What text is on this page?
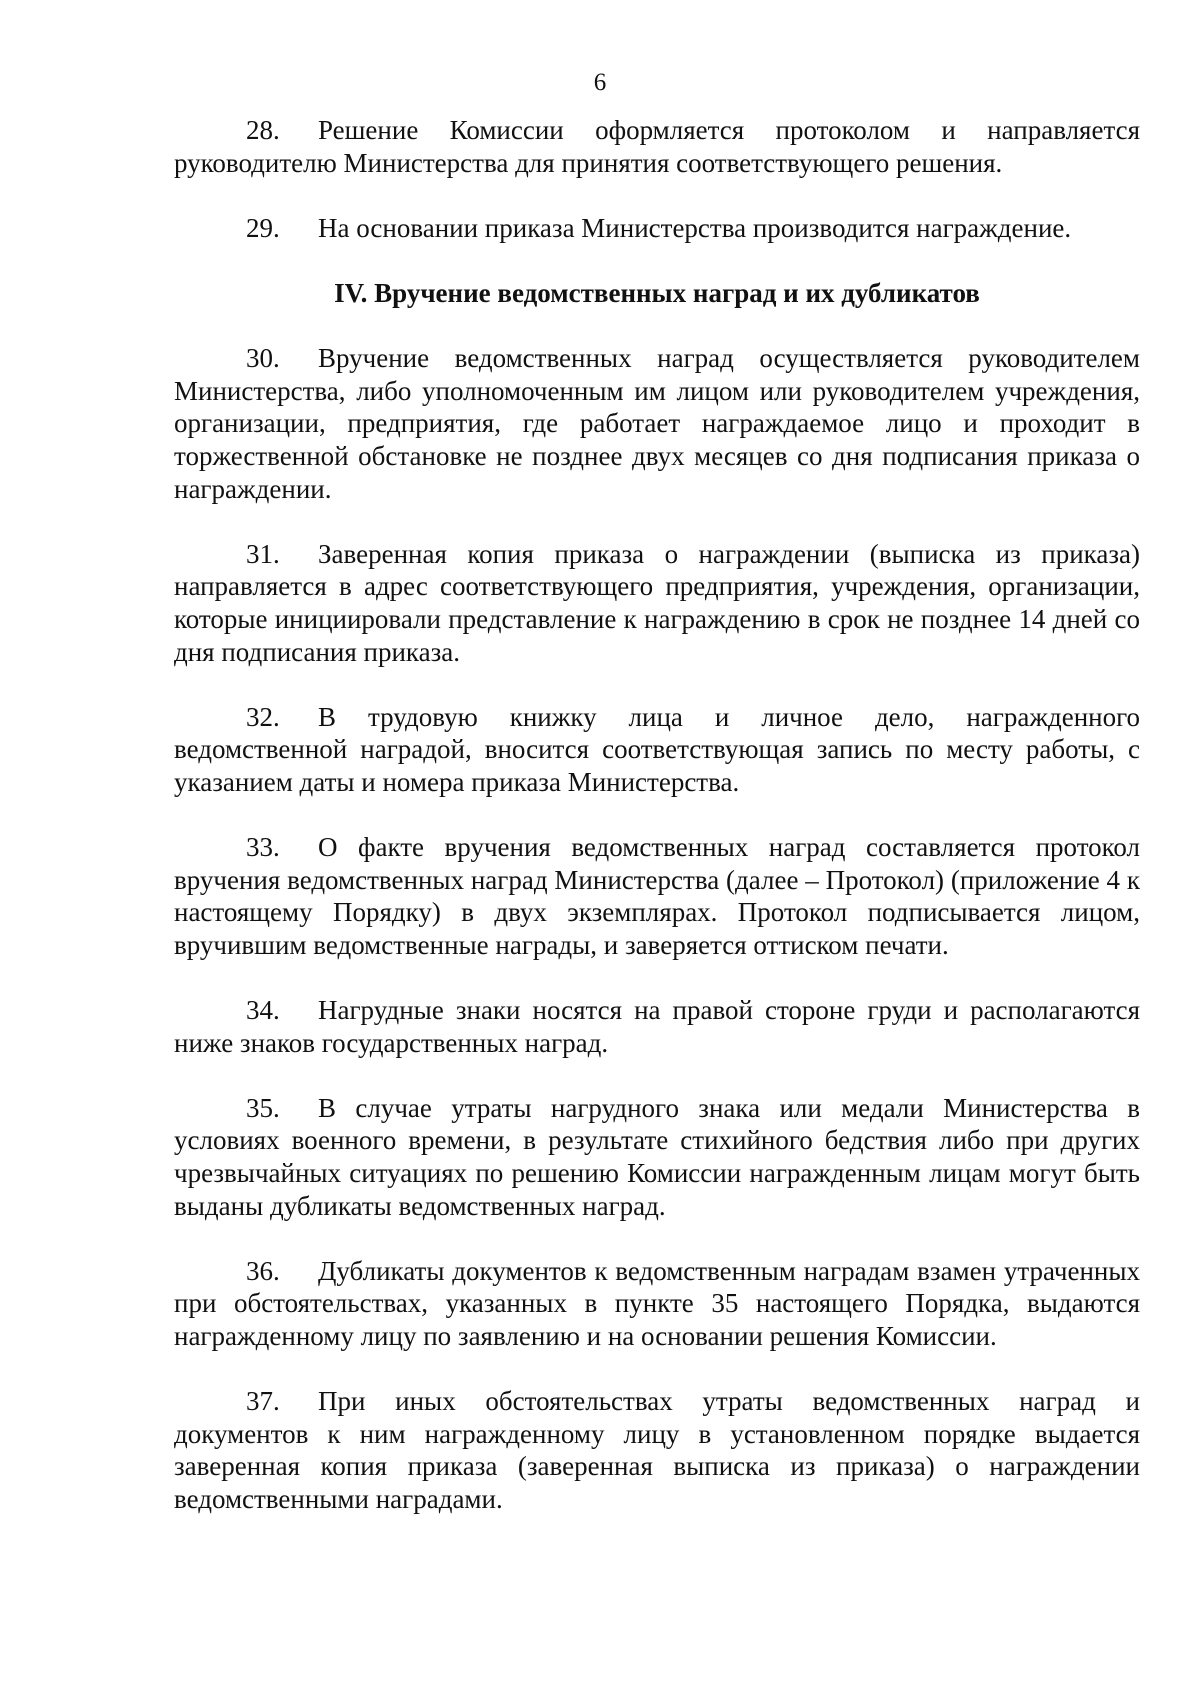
6

28. Решение Комиссии оформляется протоколом и направляется руководителю Министерства для принятия соответствующего решения.

29. На основании приказа Министерства производится награждение.

IV. Вручение ведомственных наград и их дубликатов

30. Вручение ведомственных наград осуществляется руководителем Министерства, либо уполномоченным им лицом или руководителем учреждения, организации, предприятия, где работает награждаемое лицо и проходит в торжественной обстановке не позднее двух месяцев со дня подписания приказа о награждении.

31. Заверенная копия приказа о награждении (выписка из приказа) направляется в адрес соответствующего предприятия, учреждения, организации, которые инициировали представление к награждению в срок не позднее 14 дней со дня подписания приказа.

32. В трудовую книжку лица и личное дело, награжденного ведомственной наградой, вносится соответствующая запись по месту работы, с указанием даты и номера приказа Министерства.

33. О факте вручения ведомственных наград составляется протокол вручения ведомственных наград Министерства (далее – Протокол) (приложение 4 к настоящему Порядку) в двух экземплярах. Протокол подписывается лицом, вручившим ведомственные награды, и заверяется оттиском печати.

34. Нагрудные знаки носятся на правой стороне груди и располагаются ниже знаков государственных наград.

35. В случае утраты нагрудного знака или медали Министерства в условиях военного времени, в результате стихийного бедствия либо при других чрезвычайных ситуациях по решению Комиссии награжденным лицам могут быть выданы дубликаты ведомственных наград.

36. Дубликаты документов к ведомственным наградам взамен утраченных при обстоятельствах, указанных в пункте 35 настоящего Порядка, выдаются награжденному лицу по заявлению и на основании решения Комиссии.

37. При иных обстоятельствах утраты ведомственных наград и документов к ним награжденному лицу в установленном порядке выдается заверенная копия приказа (заверенная выписка из приказа) о награждении ведомственными наградами.
